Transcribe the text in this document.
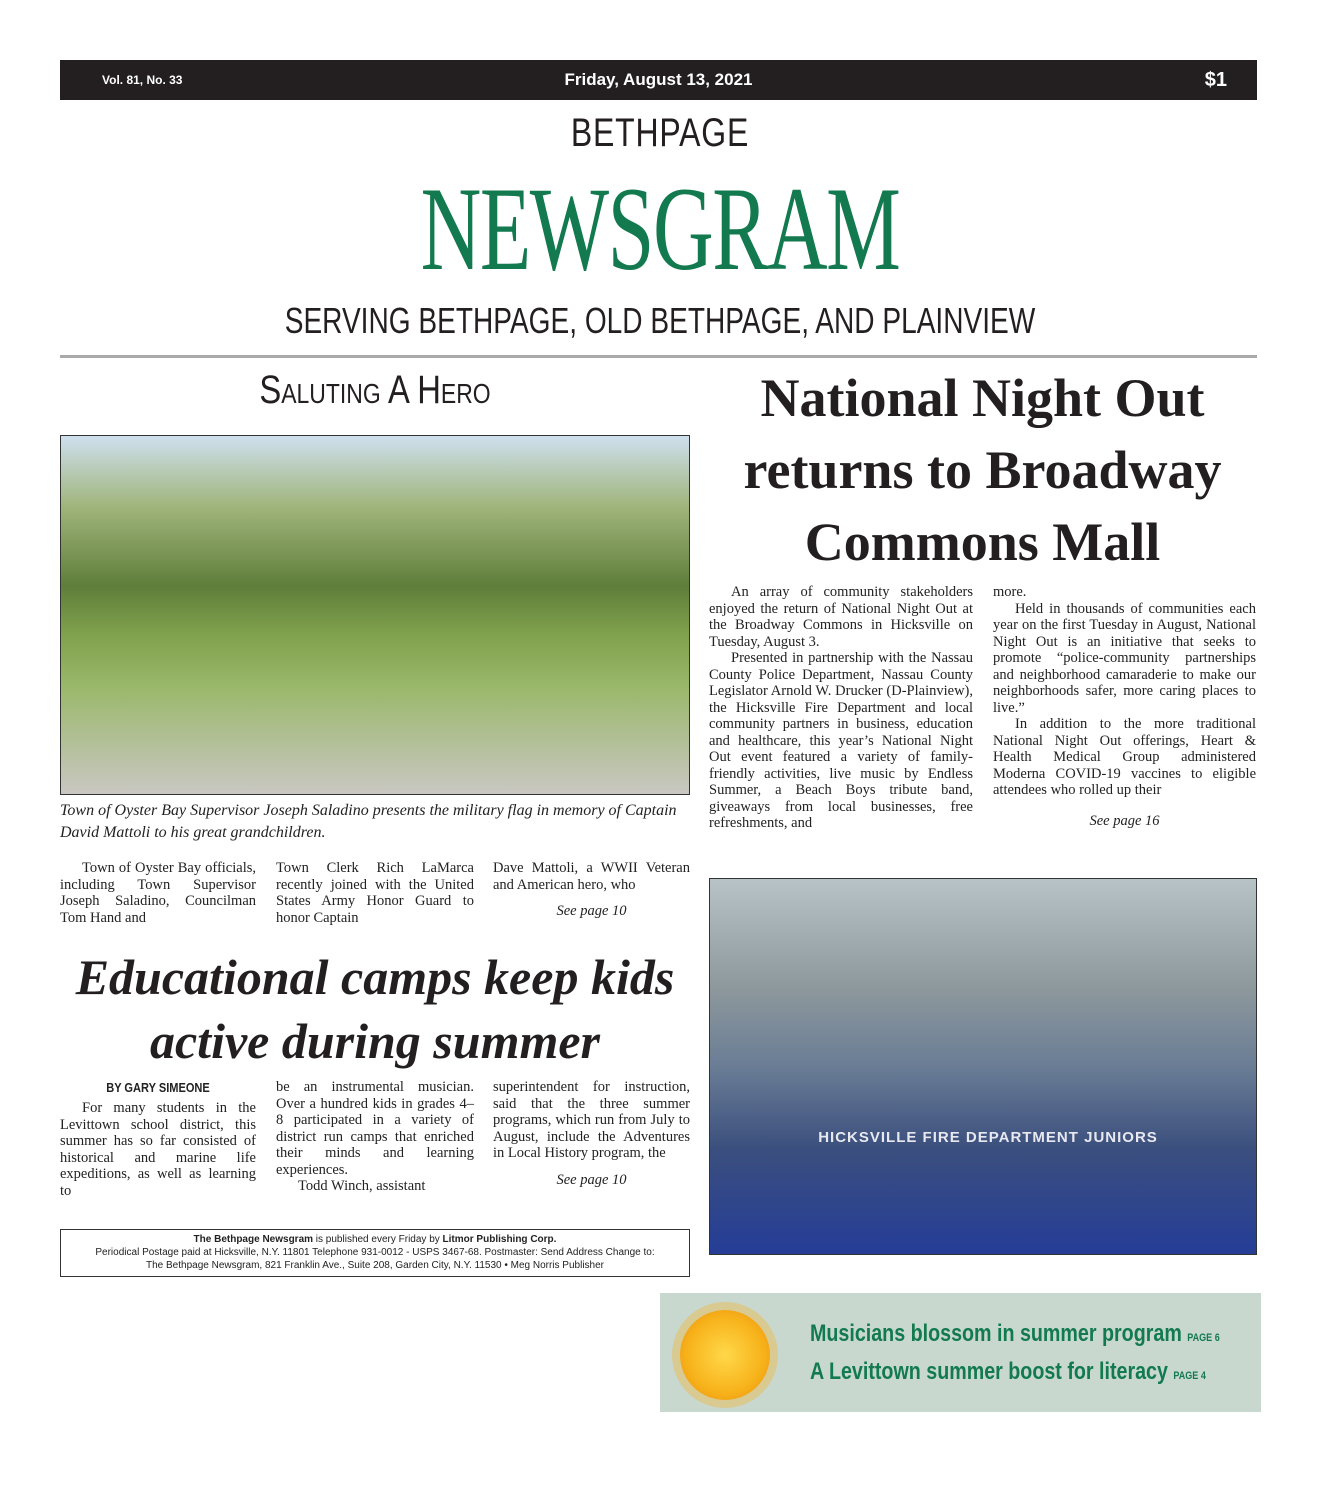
Vol. 81, No. 33	Friday, August 13, 2021	$1
BETHPAGE
NEWSGRAM
SERVING BETHPAGE, OLD BETHPAGE, AND PLAINVIEW
Saluting A Hero
Town of Oyster Bay Supervisor Joseph Saladino presents the military flag in memory of Captain David Mattoli to his great grandchildren.

Town of Oyster Bay officials, including Town Supervisor Joseph Saladino, Councilman Tom Hand and

Town Clerk Rich LaMarca recently joined with the United States Army Honor Guard to honor Captain

Dave Mattoli, a WWII Veteran and American hero, who

See page 10
National Night Out returns to Broadway Commons Mall

An array of community stakeholders enjoyed the return of National Night Out at the Broadway Commons in Hicksville on Tuesday, August 3.

Presented in partnership with the Nassau County Police Department, Nassau County Legislator Arnold W. Drucker (D-Plainview), the Hicksville Fire Department and local community partners in business, education and healthcare, this year’s National Night Out event featured a variety of family-friendly activities, live music by Endless Summer, a Beach Boys tribute band, giveaways from local businesses, free refreshments, and

more.

Held in thousands of communities each year on the first Tuesday in August, National Night Out is an initiative that seeks to promote “police-community partnerships and neighborhood camaraderie to make our neighborhoods safer, more caring places to live.”

In addition to the more traditional National Night Out offerings, Heart & Health Medical Group administered Moderna COVID-19 vaccines to eligible attendees who rolled up their

See page 16
HICKSVILLE FIRE DEPARTMENT JUNIORS
Educational camps keep kids active during summer
BY GARY SIMEONE

For many students in the Levittown school district, this summer has so far consisted of historical and marine life expeditions, as well as learning to

be an instrumental musician. Over a hundred kids in grades 4–8 participated in a variety of district run camps that enriched their minds and learning experiences.

Todd Winch, assistant

superintendent for instruction, said that the three summer programs, which run from July to August, include the Adventures in Local History program, the

See page 10
The Bethpage Newsgram is published every Friday by Litmor Publishing Corp.
Periodical Postage paid at Hicksville, N.Y. 11801 Telephone 931-0012 - USPS 3467-68. Postmaster: Send Address Change to:
The Bethpage Newsgram, 821 Franklin Ave., Suite 208, Garden City, N.Y. 11530 • Meg Norris Publisher
Musicians blossom in summer program PAGE 6
A Levittown summer boost for literacy PAGE 4
